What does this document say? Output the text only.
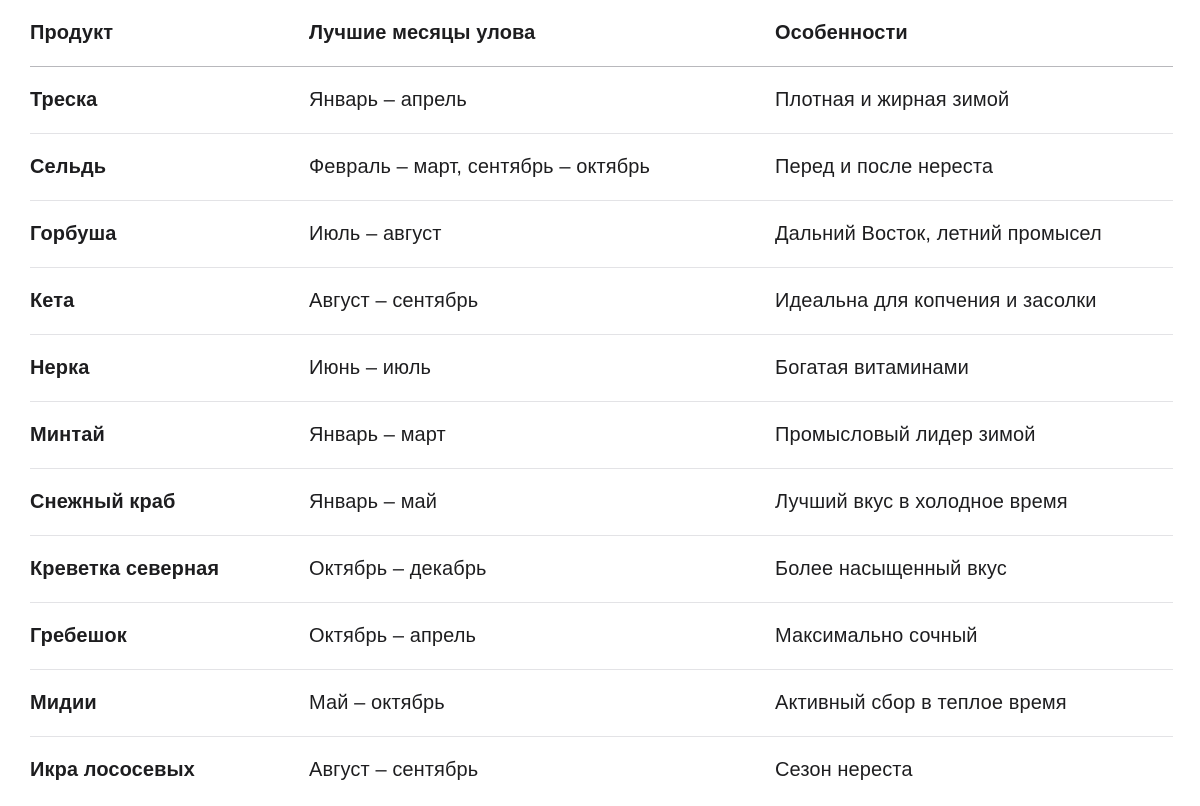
Продукт	Лучшие месяцы улова	Особенности
Треска	Январь – апрель	Плотная и жирная зимой
Сельдь	Февраль – март, сентябрь – октябрь	Перед и после нереста
Горбуша	Июль – август	Дальний Восток, летний промысел
Кета	Август – сентябрь	Идеальна для копчения и засолки
Нерка	Июнь – июль	Богатая витаминами
Минтай	Январь – март	Промысловый лидер зимой
Снежный краб	Январь – май	Лучший вкус в холодное время
Креветка северная	Октябрь – декабрь	Более насыщенный вкус
Гребешок	Октябрь – апрель	Максимально сочный
Мидии	Май – октябрь	Активный сбор в теплое время
Икра лососевых	Август – сентябрь	Сезон нереста
